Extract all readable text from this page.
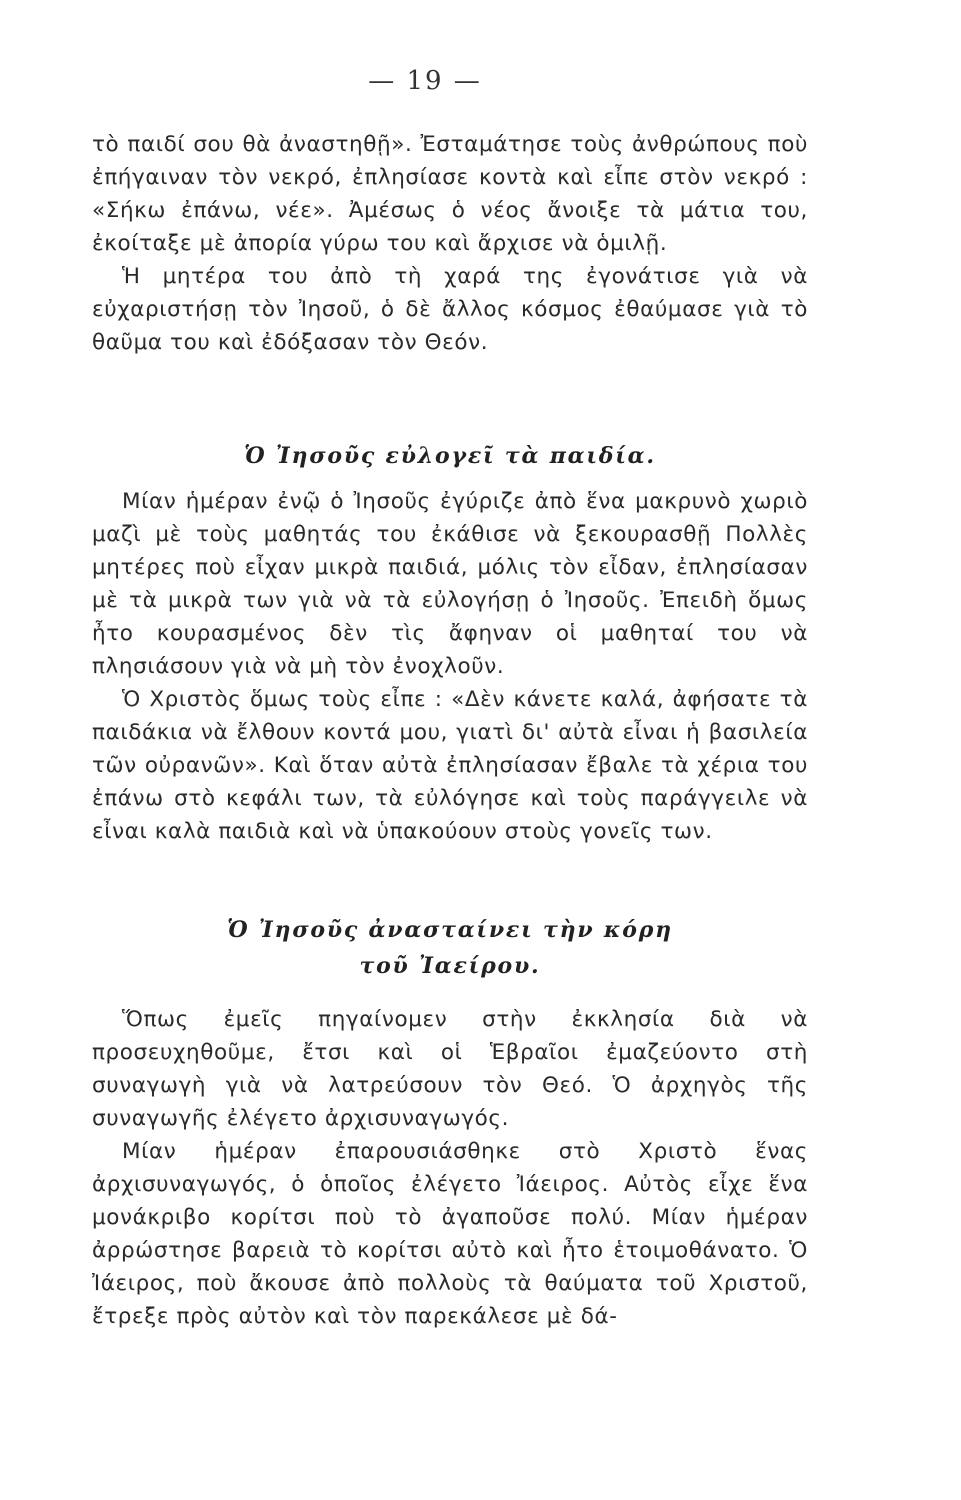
— 19 —

τὸ παιδί σου θὰ ἀναστηθῇ». Ἐσταμάτησε τοὺς ἀνθρώπους ποὺ ἐπήγαιναν τὸν νεκρό, ἐπλησίασε κοντὰ καὶ εἶπε στὸν νεκρό : «Σήκω ἐπάνω, νέε». Ἀμέσως ὁ νέος ἄνοιξε τὰ μάτια του, ἐκοίταξε μὲ ἀπορία γύρω του καὶ ἄρχισε νὰ ὁμιλῇ.

Ἡ μητέρα του ἀπὸ τὴ χαρά της ἐγονάτισε γιὰ νὰ εὐχαριστήσῃ τὸν Ἰησοῦ, ὁ δὲ ἄλλος κόσμος ἐθαύμασε γιὰ τὸ θαῦμα του καὶ ἐδόξασαν τὸν Θεόν.

Ὁ Ἰησοῦς εὐλογεῖ τὰ παιδία.

Μίαν ἡμέραν ἐνῷ ὁ Ἰησοῦς ἐγύριζε ἀπὸ ἕνα μακρυνὸ χωριὸ μαζὶ μὲ τοὺς μαθητάς του ἐκάθισε νὰ ξεκουρασθῇ Πολλὲς μητέρες ποὺ εἶχαν μικρὰ παιδιά, μόλις τὸν εἶδαν, ἐπλησίασαν μὲ τὰ μικρὰ των γιὰ νὰ τὰ εὐλογήσῃ ὁ Ἰησοῦς. Ἐπειδὴ ὅμως ἦτο κουρασμένος δὲν τὶς ἄφηναν οἱ μαθηταί του νὰ πλησιάσουν γιὰ νὰ μὴ τὸν ἐνοχλοῦν.

Ὁ Χριστὸς ὅμως τοὺς εἶπε : «Δὲν κάνετε καλά, ἀφήσατε τὰ παιδάκια νὰ ἔλθουν κοντά μου, γιατὶ δι' αὐτὰ εἶναι ἡ βασιλεία τῶν οὐρανῶν». Καὶ ὅταν αὐτὰ ἐπλησίασαν ἔβαλε τὰ χέρια του ἐπάνω στὸ κεφάλι των, τὰ εὐλόγησε καὶ τοὺς παράγγειλε νὰ εἶναι καλὰ παιδιὰ καὶ νὰ ὑπακούουν στοὺς γονεῖς των.

Ὁ Ἰησοῦς ἀνασταίνει τὴν κόρη
τοῦ Ἰαείρου.

Ὅπως ἐμεῖς πηγαίνομεν στὴν ἐκκλησία διὰ νὰ προσευχηθοῦμε, ἔτσι καὶ οἱ Ἑβραῖοι ἐμαζεύοντο στὴ συναγωγὴ γιὰ νὰ λατρεύσουν τὸν Θεό. Ὁ ἀρχηγὸς τῆς συναγωγῆς ἐλέγετο ἀρχισυναγωγός.

Μίαν ἡμέραν ἐπαρουσιάσθηκε στὸ Χριστὸ ἕνας ἀρχισυναγωγός, ὁ ὁποῖος ἐλέγετο Ἰάειρος. Αὐτὸς εἶχε ἕνα μονάκριβο κορίτσι ποὺ τὸ ἀγαποῦσε πολύ. Μίαν ἡμέραν ἀρρώστησε βαρειὰ τὸ κορίτσι αὐτὸ καὶ ἦτο ἑτοιμοθάνατο. Ὁ Ἰάειρος, ποὺ ἄκουσε ἀπὸ πολλοὺς τὰ θαύματα τοῦ Χριστοῦ, ἔτρεξε πρὸς αὐτὸν καὶ τὸν παρεκάλεσε μὲ δά-
